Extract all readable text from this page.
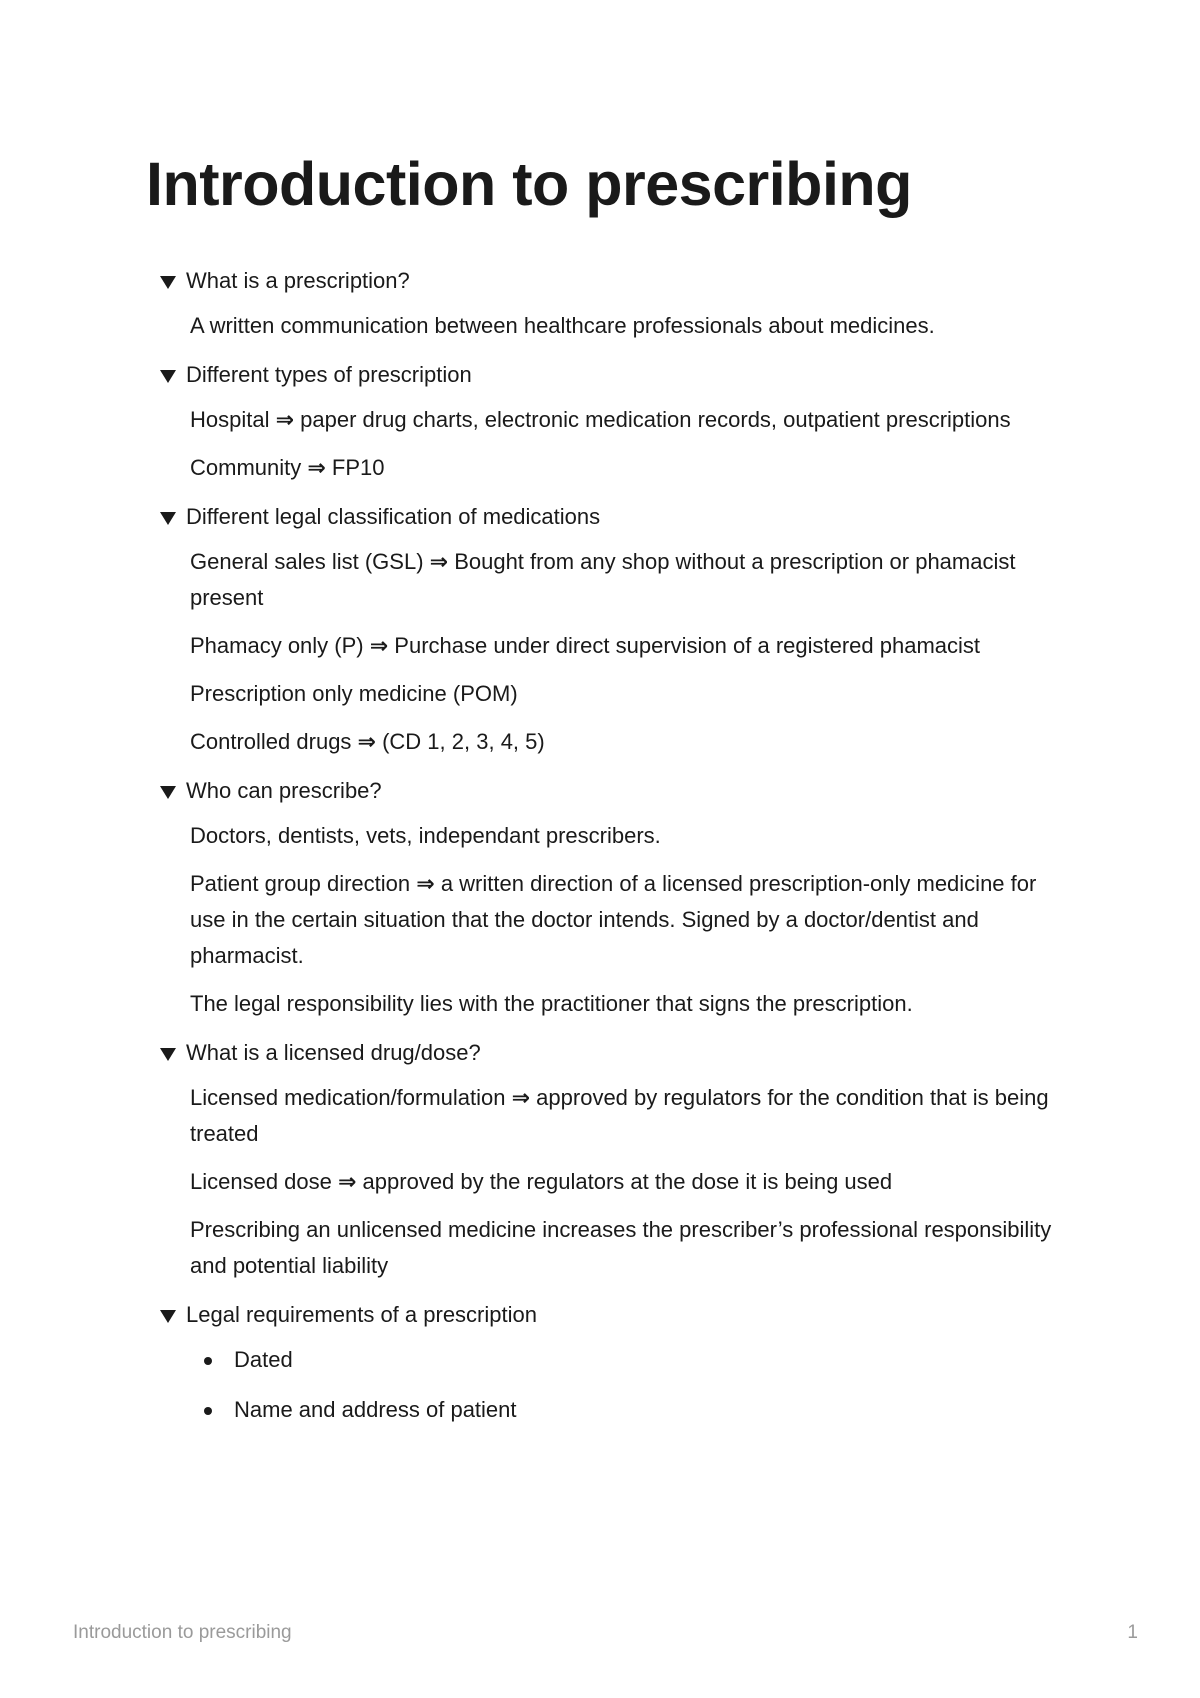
Introduction to prescribing
What is a prescription?

A written communication between healthcare professionals about medicines.

Different types of prescription

Hospital ⇒ paper drug charts, electronic medication records, outpatient prescriptions

Community ⇒ FP10

Different legal classification of medications

General sales list (GSL) ⇒ Bought from any shop without a prescription or phamacist present

Phamacy only (P) ⇒ Purchase under direct supervision of a registered phamacist

Prescription only medicine (POM)

Controlled drugs ⇒ (CD 1, 2, 3, 4, 5)

Who can prescribe?

Doctors, dentists, vets, independant prescribers.

Patient group direction ⇒ a written direction of a licensed prescription-only medicine for use in the certain situation that the doctor intends. Signed by a doctor/dentist and pharmacist.

The legal responsibility lies with the practitioner that signs the prescription.

What is a licensed drug/dose?

Licensed medication/formulation ⇒ approved by regulators for the condition that is being treated

Licensed dose ⇒ approved by the regulators at the dose it is being used

Prescribing an unlicensed medicine increases the prescriber’s professional responsibility and potential liability

Legal requirements of a prescription
Dated
Name and address of patient
Introduction to prescribing	1
